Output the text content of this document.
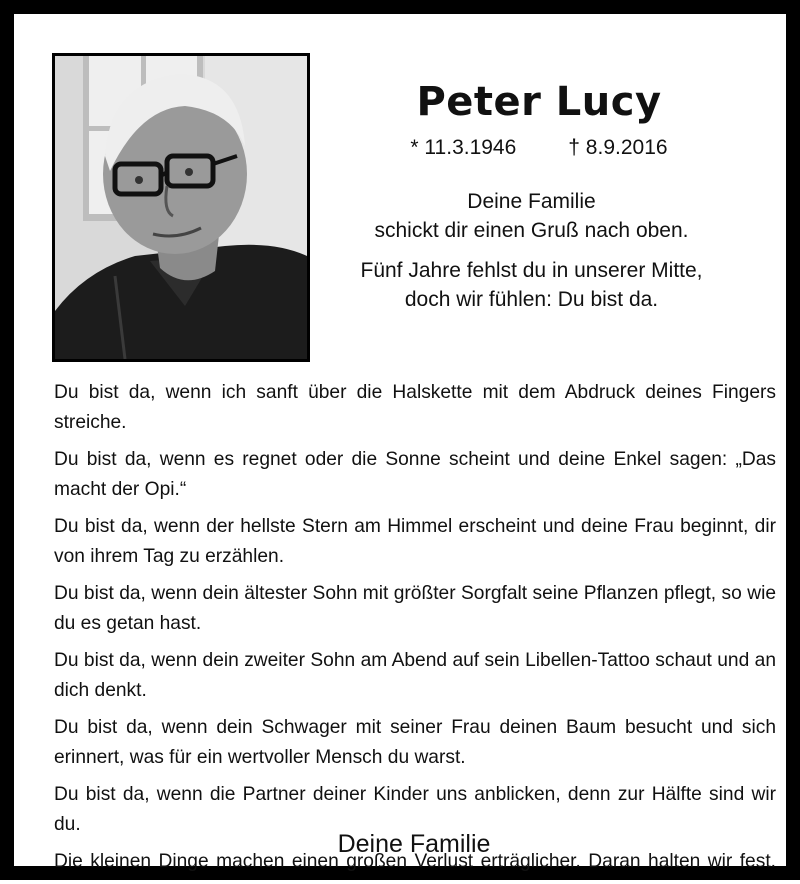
Peter Lucy
* 11.3.1946 † 8.9.2016

Deine Familie
schickt dir einen Gruß nach oben.

Fünf Jahre fehlst du in unserer Mitte,
doch wir fühlen: Du bist da.

Du bist da, wenn ich sanft über die Halskette mit dem Abdruck deines Fingers streiche.

Du bist da, wenn es regnet oder die Sonne scheint und deine Enkel sagen: „Das macht der Opi.“

Du bist da, wenn der hellste Stern am Himmel erscheint und deine Frau beginnt, dir von ihrem Tag zu erzählen.

Du bist da, wenn dein ältester Sohn mit größter Sorgfalt seine Pflanzen pflegt, so wie du es getan hast.

Du bist da, wenn dein zweiter Sohn am Abend auf sein Libellen-Tattoo schaut und an dich denkt.

Du bist da, wenn dein Schwager mit seiner Frau deinen Baum besucht und sich erinnert, was für ein wertvoller Mensch du warst.

Du bist da, wenn die Partner deiner Kinder uns anblicken, denn zur Hälfte sind wir du.

Die kleinen Dinge machen einen großen Verlust erträglicher. Daran halten wir fest.

Deine Familie
